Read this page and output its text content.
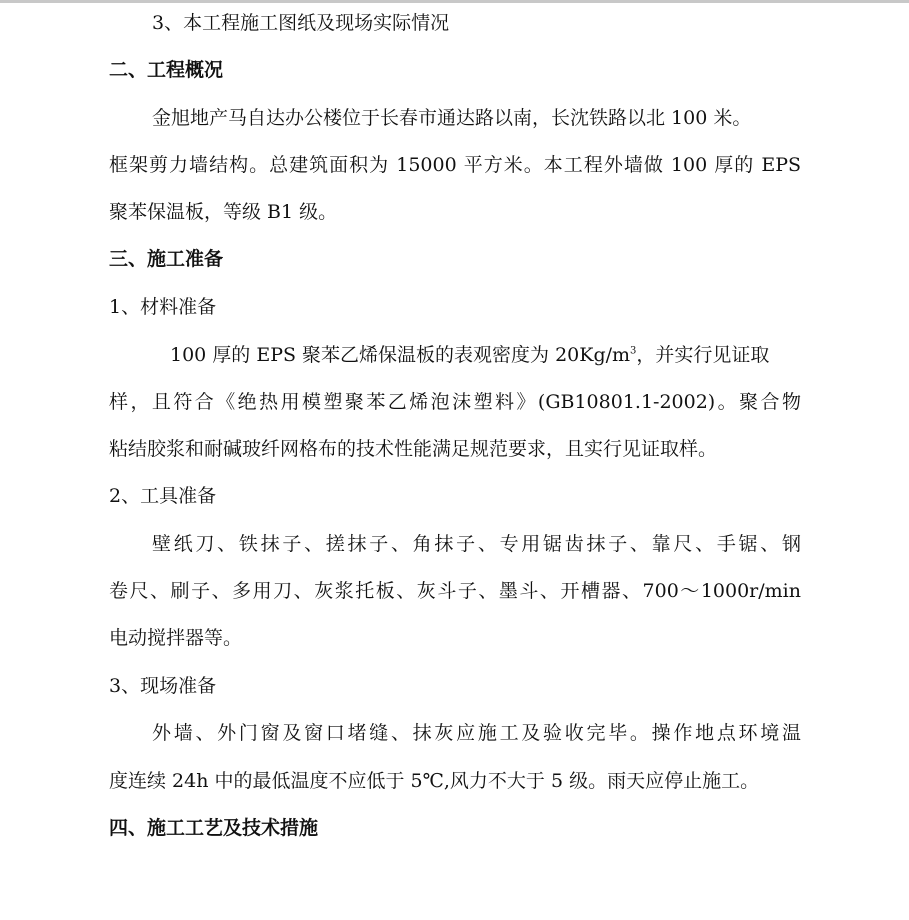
3、本工程施工图纸及现场实际情况
二、工程概况
金旭地产马自达办公楼位于长春市通达路以南，长沈铁路以北 100 米。
框架剪力墙结构。总建筑面积为 15000 平方米。本工程外墙做 100 厚的 EPS
聚苯保温板，等级 B1 级。
三、施工准备
1、材料准备
100 厚的 EPS 聚苯乙烯保温板的表观密度为 $20Kg/m^3$，并实行见证取
样，且符合《绝热用模塑聚苯乙烯泡沫塑料》(GB10801.1-2002)。聚合物
粘结胶浆和耐碱玻纤网格布的技术性能满足规范要求，且实行见证取样。
2、工具准备
壁纸刀、铁抹子、搓抹子、角抹子、专用锯齿抹子、靠尺、手锯、钢
卷尺、刷子、多用刀、灰浆托板、灰斗子、墨斗、开槽器、700～1000r/min
电动搅拌器等。
3、现场准备
外墙、外门窗及窗口堵缝、抹灰应施工及验收完毕。操作地点环境温
度连续 24h 中的最低温度不应低于 5℃,风力不大于 5 级。雨天应停止施工。
四、施工工艺及技术措施
